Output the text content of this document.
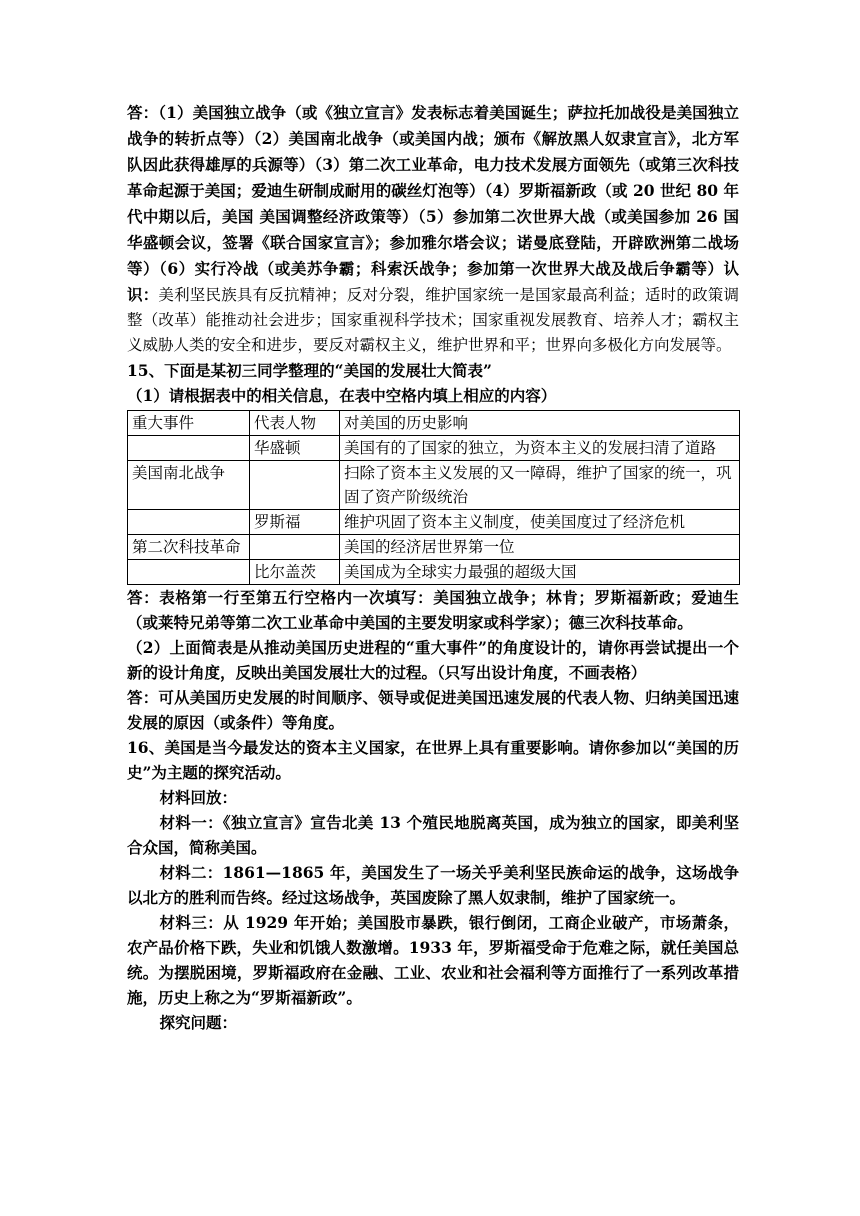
答：（1）美国独立战争（或《独立宣言》发表标志着美国诞生；萨拉托加战役是美国独立战争的转折点等）（2）美国南北战争（或美国内战；颁布《解放黑人奴隶宣言》，北方军队因此获得雄厚的兵源等）（3）第二次工业革命，电力技术发展方面领先（或第三次科技革命起源于美国；爱迪生研制成耐用的碳丝灯泡等）（4）罗斯福新政（或 20 世纪 80 年代中期以后，美国 美国调整经济政策等）（5）参加第二次世界大战（或美国参加 26 国华盛顿会议，签署《联合国家宣言》；参加雅尔塔会议；诺曼底登陆，开辟欧洲第二战场等）（6）实行冷战（或美苏争霸；科索沃战争；参加第一次世界大战及战后争霸等）认识：美利坚民族具有反抗精神；反对分裂，维护国家统一是国家最高利益；适时的政策调整（改革）能推动社会进步；国家重视科学技术；国家重视发展教育、培养人才；霸权主义威胁人类的安全和进步，要反对霸权主义，维护世界和平；世界向多极化方向发展等。

15、下面是某初三同学整理的“美国的发展壮大简表”

（1）请根据表中的相关信息，在表中空格内填上相应的内容）

重大事件	代表人物	对美国的历史影响
	华盛顿	美国有的了国家的独立，为资本主义的发展扫清了道路
美国南北战争		扫除了资本主义发展的又一障碍，维护了国家的统一，巩固了资产阶级统治
	罗斯福	维护巩固了资本主义制度，使美国度过了经济危机
第二次科技革命		美国的经济居世界第一位
	比尔盖茨	美国成为全球实力最强的超级大国

答：表格第一行至第五行空格内一次填写：美国独立战争；林肯；罗斯福新政；爱迪生（或莱特兄弟等第二次工业革命中美国的主要发明家或科学家）；德三次科技革命。

（2）上面简表是从推动美国历史进程的“重大事件”的角度设计的，请你再尝试提出一个新的设计角度，反映出美国发展壮大的过程。（只写出设计角度，不画表格）

答：可从美国历史发展的时间顺序、领导或促进美国迅速发展的代表人物、归纳美国迅速发展的原因（或条件）等角度。

16、美国是当今最发达的资本主义国家，在世界上具有重要影响。请你参加以“美国的历史”为主题的探究活动。

材料回放：

材料一：《独立宣言》宣告北美 13 个殖民地脱离英国，成为独立的国家，即美利坚合众国，简称美国。

材料二：1861—1865 年，美国发生了一场关乎美利坚民族命运的战争，这场战争以北方的胜利而告终。经过这场战争，英国废除了黑人奴隶制，维护了国家统一。

材料三：从 1929 年开始；美国股市暴跌，银行倒闭，工商企业破产，市场萧条，农产品价格下跌，失业和饥饿人数激增。1933 年，罗斯福受命于危难之际，就任美国总统。为摆脱困境，罗斯福政府在金融、工业、农业和社会福利等方面推行了一系列改革措施，历史上称之为“罗斯福新政”。

探究问题：
